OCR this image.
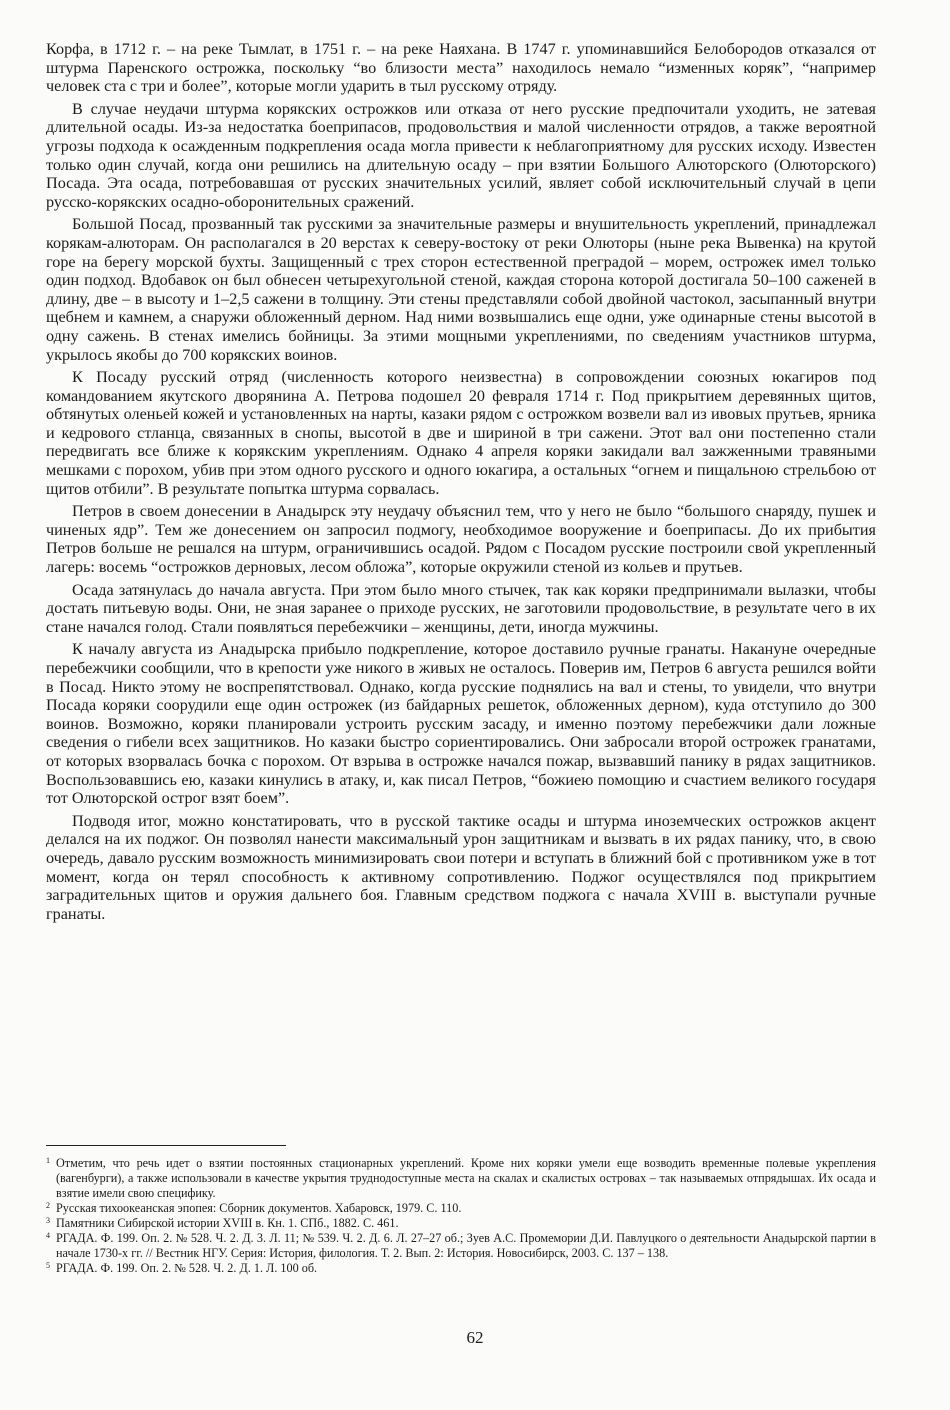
Корфа, в 1712 г. – на реке Тымлат, в 1751 г. – на реке Наяхана. В 1747 г. упоминавшийся Белобородов отказался от штурма Паренского острожка, поскольку “во близости места” находилось немало “изменных коряк”, “например человек ста с три и более”, которые могли ударить в тыл русскому отряду.

В случае неудачи штурма корякских острожков или отказа от него русские предпочитали уходить, не затевая длительной осады. Из-за недостатка боеприпасов, продовольствия и малой численности отрядов, а также вероятной угрозы подхода к осажденным подкрепления осада могла привести к неблагоприятному для русских исходу. Известен только один случай, когда они решились на длительную осаду – при взятии Большого Алюторского (Олюторского) Посада. Эта осада, потребовавшая от русских значительных усилий, являет собой исключительный случай в цепи русско-корякских осадно-оборонительных сражений.

Большой Посад, прозванный так русскими за значительные размеры и внушительность укреплений, принадлежал корякам-алюторам. Он располагался в 20 верстах к северу-востоку от реки Олюторы (ныне река Вывенка) на крутой горе на берегу морской бухты. Защищенный с трех сторон естественной преградой – морем, острожек имел только один подход. Вдобавок он был обнесен четырехугольной стеной, каждая сторона которой достигала 50–100 саженей в длину, две – в высоту и 1–2,5 сажени в толщину. Эти стены представляли собой двойной частокол, засыпанный внутри щебнем и камнем, а снаружи обложенный дерном. Над ними возвышались еще одни, уже одинарные стены высотой в одну сажень. В стенах имелись бойницы. За этими мощными укреплениями, по сведениям участников штурма, укрылось якобы до 700 корякских воинов.

К Посаду русский отряд (численность которого неизвестна) в сопровождении союзных юкагиров под командованием якутского дворянина А. Петрова подошел 20 февраля 1714 г. Под прикрытием деревянных щитов, обтянутых оленьей кожей и установленных на нарты, казаки рядом с острожком возвели вал из ивовых прутьев, ярника и кедрового стланца, связанных в снопы, высотой в две и шириной в три сажени. Этот вал они постепенно стали передвигать все ближе к корякским укреплениям. Однако 4 апреля коряки закидали вал зажженными травяными мешками с порохом, убив при этом одного русского и одного юкагира, а остальных “огнем и пищальною стрельбою от щитов отбили”. В результате попытка штурма сорвалась.

Петров в своем донесении в Анадырск эту неудачу объяснил тем, что у него не было “большого снаряду, пушек и чиненых ядр”. Тем же донесением он запросил подмогу, необходимое вооружение и боеприпасы. До их прибытия Петров больше не решался на штурм, ограничившись осадой. Рядом с Посадом русские построили свой укрепленный лагерь: восемь “острожков дерновых, лесом обложа”, которые окружили стеной из кольев и прутьев.

Осада затянулась до начала августа. При этом было много стычек, так как коряки предпринимали вылазки, чтобы достать питьевую воды. Они, не зная заранее о приходе русских, не заготовили продовольствие, в результате чего в их стане начался голод. Стали появляться перебежчики – женщины, дети, иногда мужчины.

К началу августа из Анадырска прибыло подкрепление, которое доставило ручные гранаты. Накануне очередные перебежчики сообщили, что в крепости уже никого в живых не осталось. Поверив им, Петров 6 августа решился войти в Посад. Никто этому не воспрепятствовал. Однако, когда русские поднялись на вал и стены, то увидели, что внутри Посада коряки соорудили еще один острожек (из байдарных решеток, обложенных дерном), куда отступило до 300 воинов. Возможно, коряки планировали устроить русским засаду, и именно поэтому перебежчики дали ложные сведения о гибели всех защитников. Но казаки быстро сориентировались. Они забросали второй острожек гранатами, от которых взорвалась бочка с порохом. От взрыва в острожке начался пожар, вызвавший панику в рядах защитников. Воспользовавшись ею, казаки кинулись в атаку, и, как писал Петров, “божиею помощию и счастием великого государя тот Олюторской острог взят боем”.

Подводя итог, можно констатировать, что в русской тактике осады и штурма иноземческих острожков акцент делался на их поджог. Он позволял нанести максимальный урон защитникам и вызвать в их рядах панику, что, в свою очередь, давало русским возможность минимизировать свои потери и вступать в ближний бой с противником уже в тот момент, когда он терял способность к активному сопротивлению. Поджог осуществлялся под прикрытием заградительных щитов и оружия дальнего боя. Главным средством поджога с начала XVIII в. выступали ручные гранаты.

1 Отметим, что речь идет о взятии постоянных стационарных укреплений. Кроме них коряки умели еще возводить временные полевые укрепления (вагенбурги), а также использовали в качестве укрытия труднодоступные места на скалах и скалистых островах – так называемых отпрядышах. Их осада и взятие имели свою специфику.

2 Русская тихоокеанская эпопея: Сборник документов. Хабаровск, 1979. С. 110.

3 Памятники Сибирской истории XVIII в. Кн. 1. СПб., 1882. С. 461.

4 РГАДА. Ф. 199. Оп. 2. № 528. Ч. 2. Д. 3. Л. 11; № 539. Ч. 2. Д. 6. Л. 27–27 об.; Зуев А.С. Промемории Д.И. Павлуцкого о деятельности Анадырской партии в начале 1730-х гг. // Вестник НГУ. Серия: История, филология. Т. 2. Вып. 2: История. Новосибирск, 2003. С. 137 – 138.

5 РГАДА. Ф. 199. Оп. 2. № 528. Ч. 2. Д. 1. Л. 100 об.

62
